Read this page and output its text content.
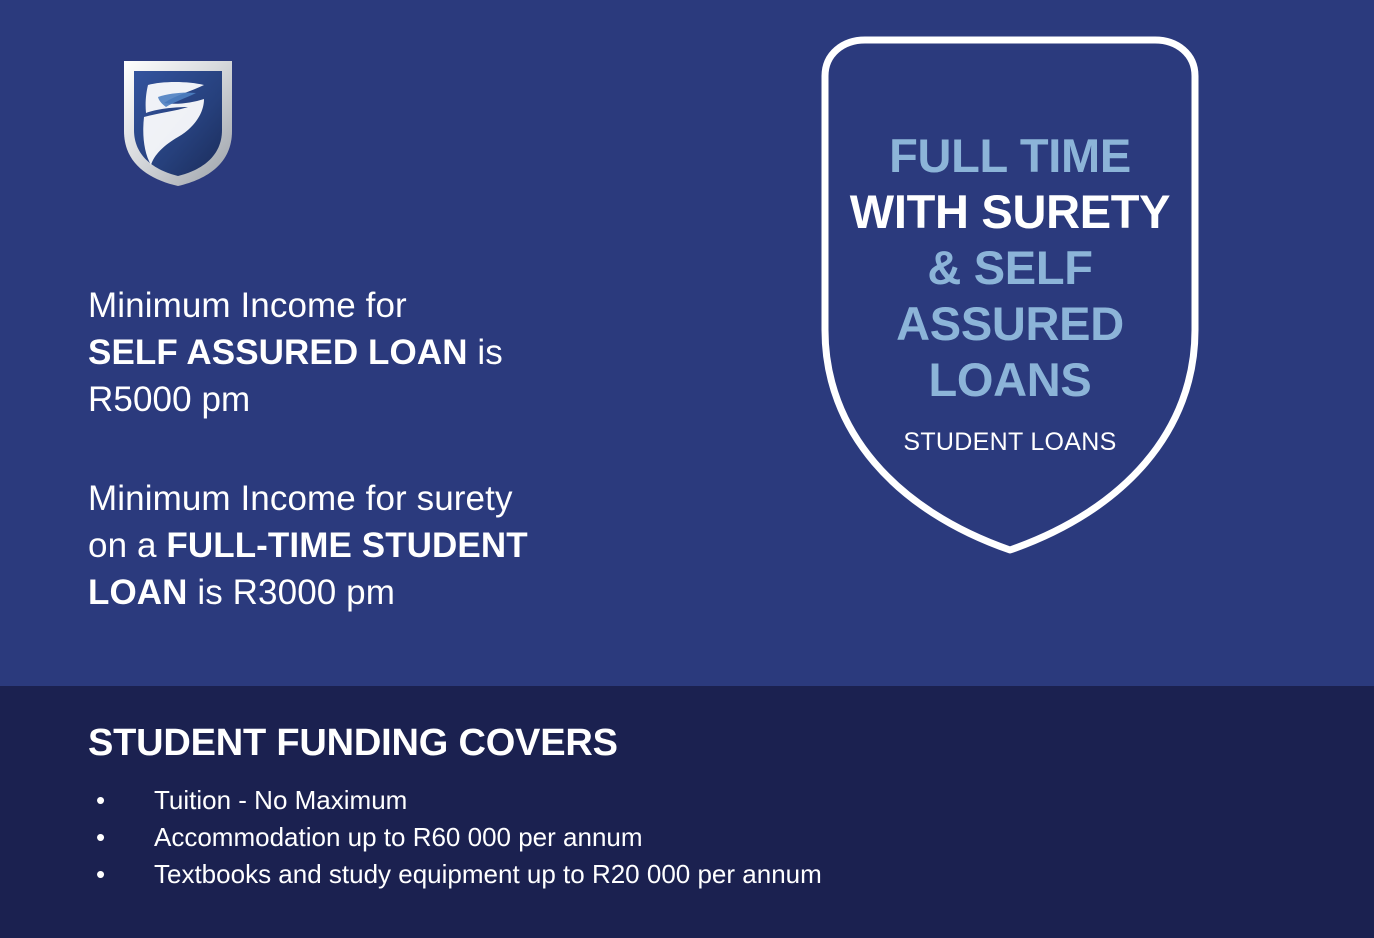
Minimum Income for
SELF ASSURED LOAN is
R5000 pm

Minimum Income for surety
on a FULL-TIME STUDENT
LOAN is R3000 pm

FULL TIME
WITH SURETY
& SELF
ASSURED
LOANS
STUDENT LOANS
STUDENT FUNDING COVERS
• Tuition - No Maximum
• Accommodation up to R60 000 per annum
• Textbooks and study equipment up to R20 000 per annum
